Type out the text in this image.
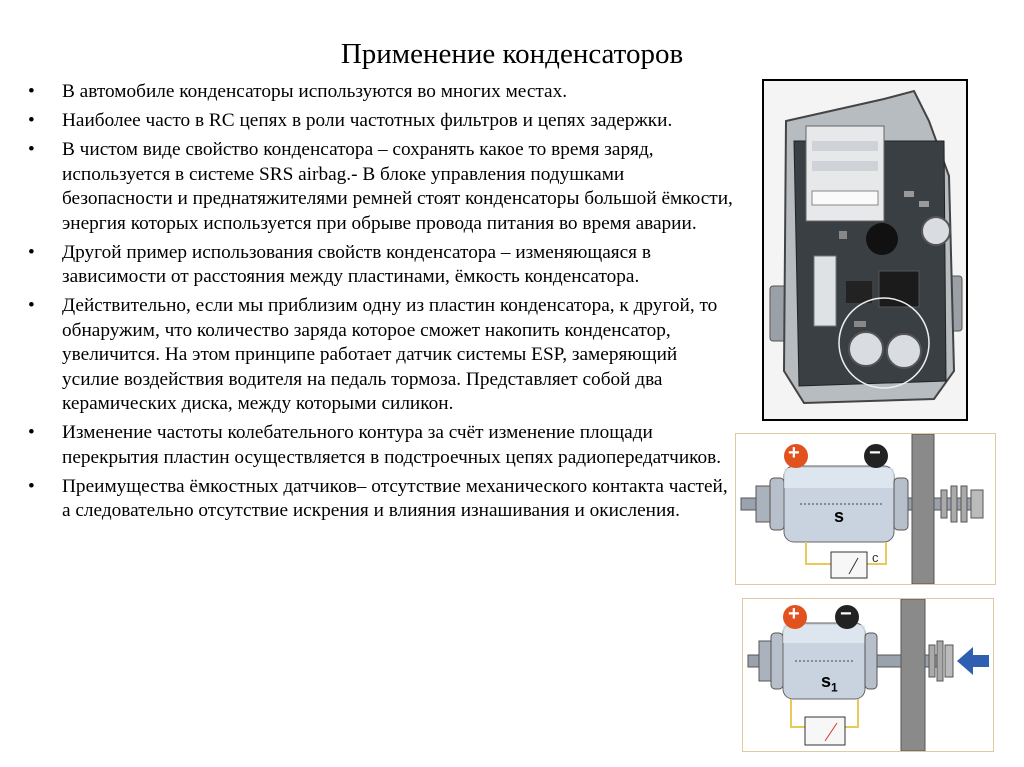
Применение конденсаторов
• В автомобиле конденсаторы используются во многих местах.
• Наиболее часто в RC цепях в роли частотных фильтров и цепях задержки.
• В чистом виде свойство конденсатора – сохранять какое то время заряд, используется в системе SRS airbag.- В блоке управления подушками безопасности и преднатяжителями ремней стоят конденсаторы большой ёмкости, энергия которых используется при обрыве провода питания во время аварии.
• Другой пример использования свойств конденсатора – изменяющаяся в зависимости от расстояния между пластинами, ёмкость конденсатора.
• Действительно, если мы приблизим одну из пластин конденсатора, к другой, то обнаружим, что количество заряда которое сможет накопить конденсатор, увеличится. На этом принципе работает датчик системы ESP, замеряющий усилие воздействия водителя на педаль тормоза. Представляет собой два керамических диска, между которыми силикон.
• Изменение частоты колебательного контура за счёт изменение площади перекрытия пластин осуществляется в подстроечных цепях радиопередатчиков.
• Преимущества ёмкостных датчиков– отсутствие механического контакта частей, а следовательно отсутствие искрения и влияния изнашивания и окисления.
+	−
s
c
+ −
$s_1$
